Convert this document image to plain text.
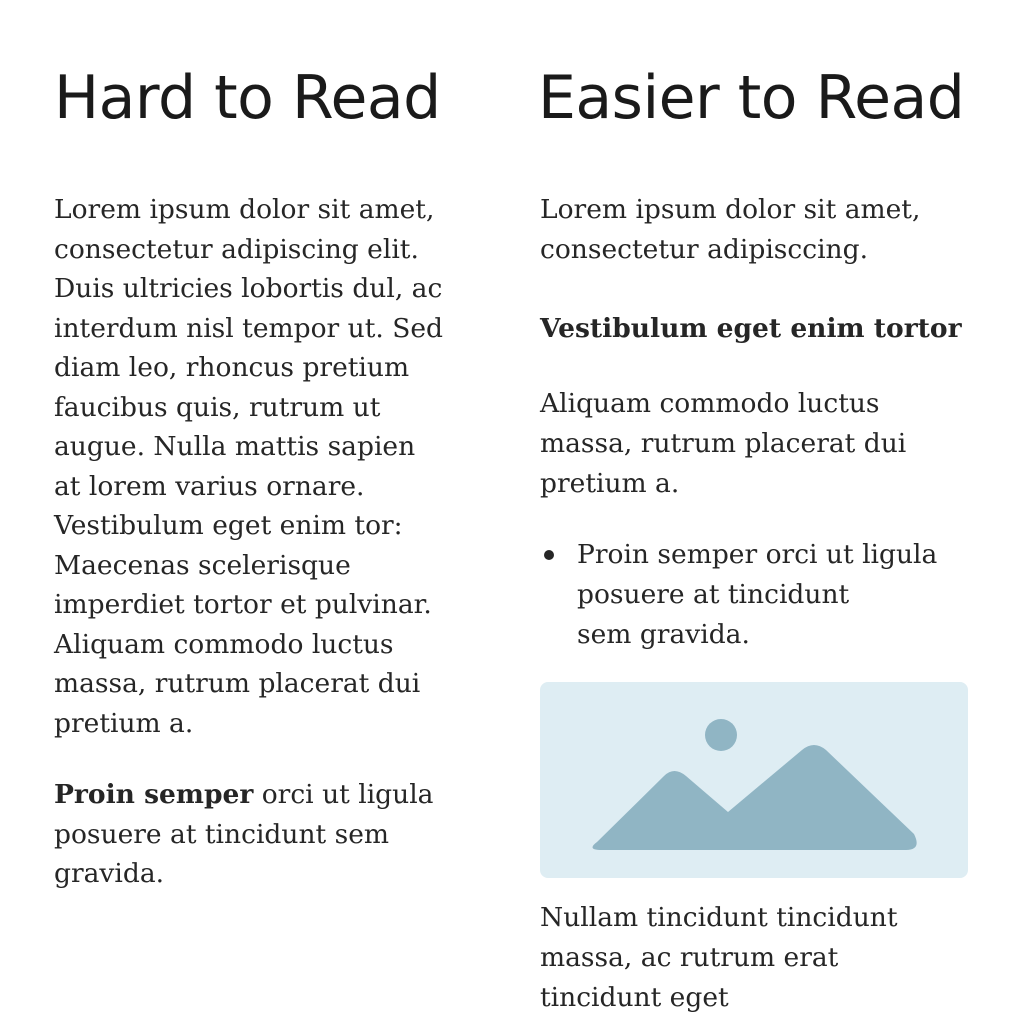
Hard to Read

Lorem ipsum dolor sit amet,
consectetur adipiscing elit.
Duis ultricies lobortis dul, ac
interdum nisl tempor ut. Sed
diam leo, rhoncus pretium
faucibus quis, rutrum ut
augue. Nulla mattis sapien
at lorem varius ornare.
Vestibulum eget enim tor:
Maecenas scelerisque
imperdiet tortor et pulvinar.
Aliquam commodo luctus
massa, rutrum placerat dui
pretium a.

Proin semper orci ut ligula
posuere at tincidunt sem
gravida.

Easier to Read

Lorem ipsum dolor sit amet,
consectetur adipisccing.

Vestibulum eget enim tortor

Aliquam commodo luctus
massa, rutrum placerat dui
pretium a.

Proin semper orci ut ligula
posuere at tincidunt
sem gravida.

Nullam tincidunt tincidunt
massa, ac rutrum erat
tincidunt eget
